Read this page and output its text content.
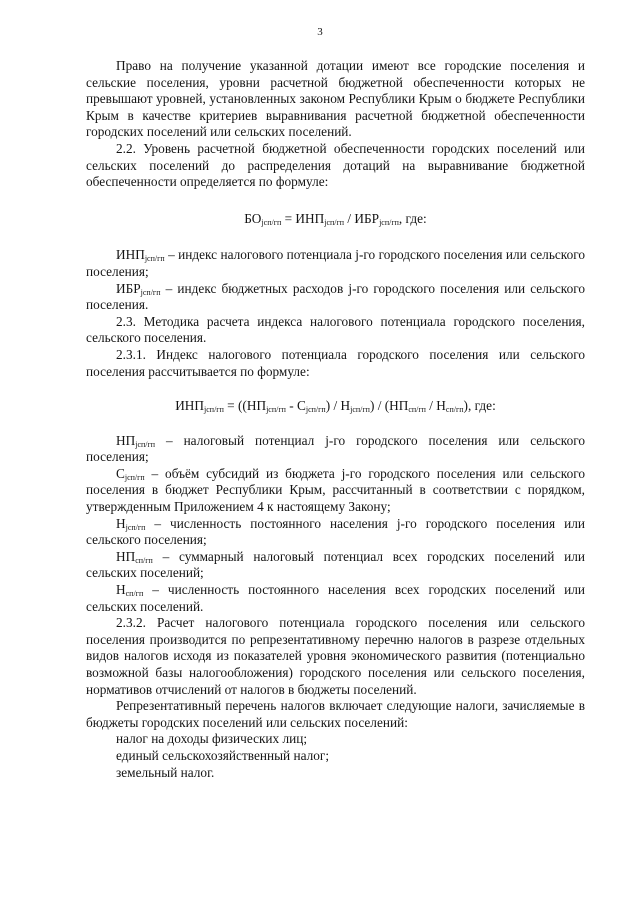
3

Право на получение указанной дотации имеют все городские поселения и сельские поселения, уровни расчетной бюджетной обеспеченности которых не превышают уровней, установленных законом Республики Крым о бюджете Республики Крым в качестве критериев выравнивания расчетной бюджетной обеспеченности городских поселений или сельских поселений.

2.2. Уровень расчетной бюджетной обеспеченности городских поселений или сельских поселений до распределения дотаций на выравнивание бюджетной обеспеченности определяется по формуле:

$БО_{jсп/гп} = ИНП_{jсп/гп} / ИБР_{jсп/гп}$, где:

$ИНП_{jсп/гп}$ – индекс налогового потенциала j-го городского поселения или сельского поселения;

$ИБР_{jсп/гп}$ – индекс бюджетных расходов j-го городского поселения или сельского поселения.

2.3. Методика расчета индекса налогового потенциала городского поселения, сельского поселения.

2.3.1. Индекс налогового потенциала городского поселения или сельского поселения рассчитывается по формуле:

$ИНП_{jсп/гп} = ((НП_{jсп/гп} - С_{jсп/гп}) / Н_{jсп/гп}) / (НП_{сп/гп} / Н_{сп/гп})$, где:

$НП_{jсп/гп}$ – налоговый потенциал j-го городского поселения или сельского поселения;

$С_{jсп/гп}$ – объём субсидий из бюджета j-го городского поселения или сельского поселения в бюджет Республики Крым, рассчитанный в соответствии с порядком, утвержденным Приложением 4 к настоящему Закону;

$Н_{jсп/гп}$ – численность постоянного населения j-го городского поселения или сельского поселения;

$НП_{сп/гп}$ – суммарный налоговый потенциал всех городских поселений или сельских поселений;

$Н_{сп/гп}$ – численность постоянного населения всех городских поселений или сельских поселений.

2.3.2. Расчет налогового потенциала городского поселения или сельского поселения производится по репрезентативному перечню налогов в разрезе отдельных видов налогов исходя из показателей уровня экономического развития (потенциально возможной базы налогообложения) городского поселения или сельского поселения, нормативов отчислений от налогов в бюджеты поселений.

Репрезентативный перечень налогов включает следующие налоги, зачисляемые в бюджеты городских поселений или сельских поселений:

налог на доходы физических лиц;

единый сельскохозяйственный налог;

земельный налог.
